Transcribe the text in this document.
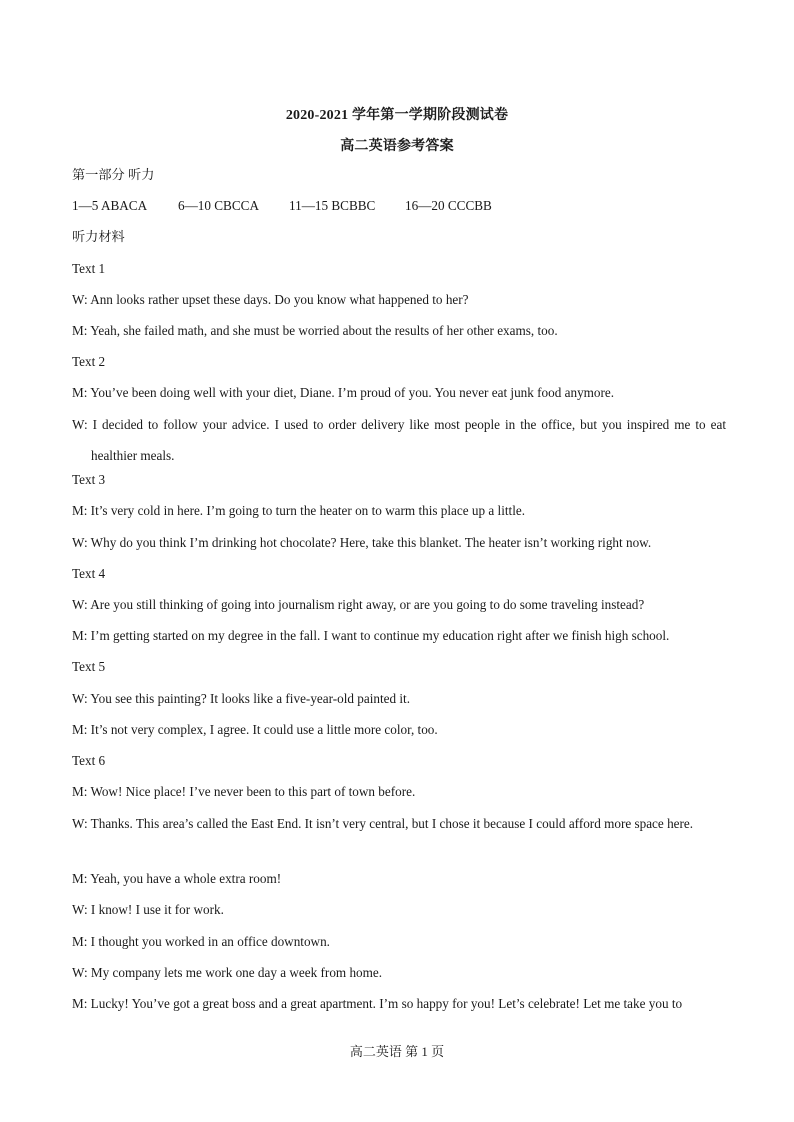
2020-2021 学年第一学期阶段测试卷
高二英语参考答案
第一部分 听力
1—5 ABACA 6—10 CBCCA 11—15 BCBBC 16—20 CCCBB
听力材料
Text 1
W: Ann looks rather upset these days. Do you know what happened to her?
M: Yeah, she failed math, and she must be worried about the results of her other exams, too.
Text 2
M: You’ve been doing well with your diet, Diane. I’m proud of you. You never eat junk food anymore.
W: I decided to follow your advice. I used to order delivery like most people in the office, but you inspired me to eat healthier meals.
Text 3
M: It’s very cold in here. I’m going to turn the heater on to warm this place up a little.
W: Why do you think I’m drinking hot chocolate? Here, take this blanket. The heater isn’t working right now.
Text 4
W: Are you still thinking of going into journalism right away, or are you going to do some traveling instead?
M: I’m getting started on my degree in the fall. I want to continue my education right after we finish high school.
Text 5
W: You see this painting? It looks like a five-year-old painted it.
M: It’s not very complex, I agree. It could use a little more color, too.
Text 6
M: Wow! Nice place! I’ve never been to this part of town before.
W: Thanks. This area’s called the East End. It isn’t very central, but I chose it because I could afford more space here.
M: Yeah, you have a whole extra room!
W: I know! I use it for work.
M: I thought you worked in an office downtown.
W: My company lets me work one day a week from home.
M: Lucky! You’ve got a great boss and a great apartment. I’m so happy for you! Let’s celebrate! Let me take you to
高二英语 第 1 页
